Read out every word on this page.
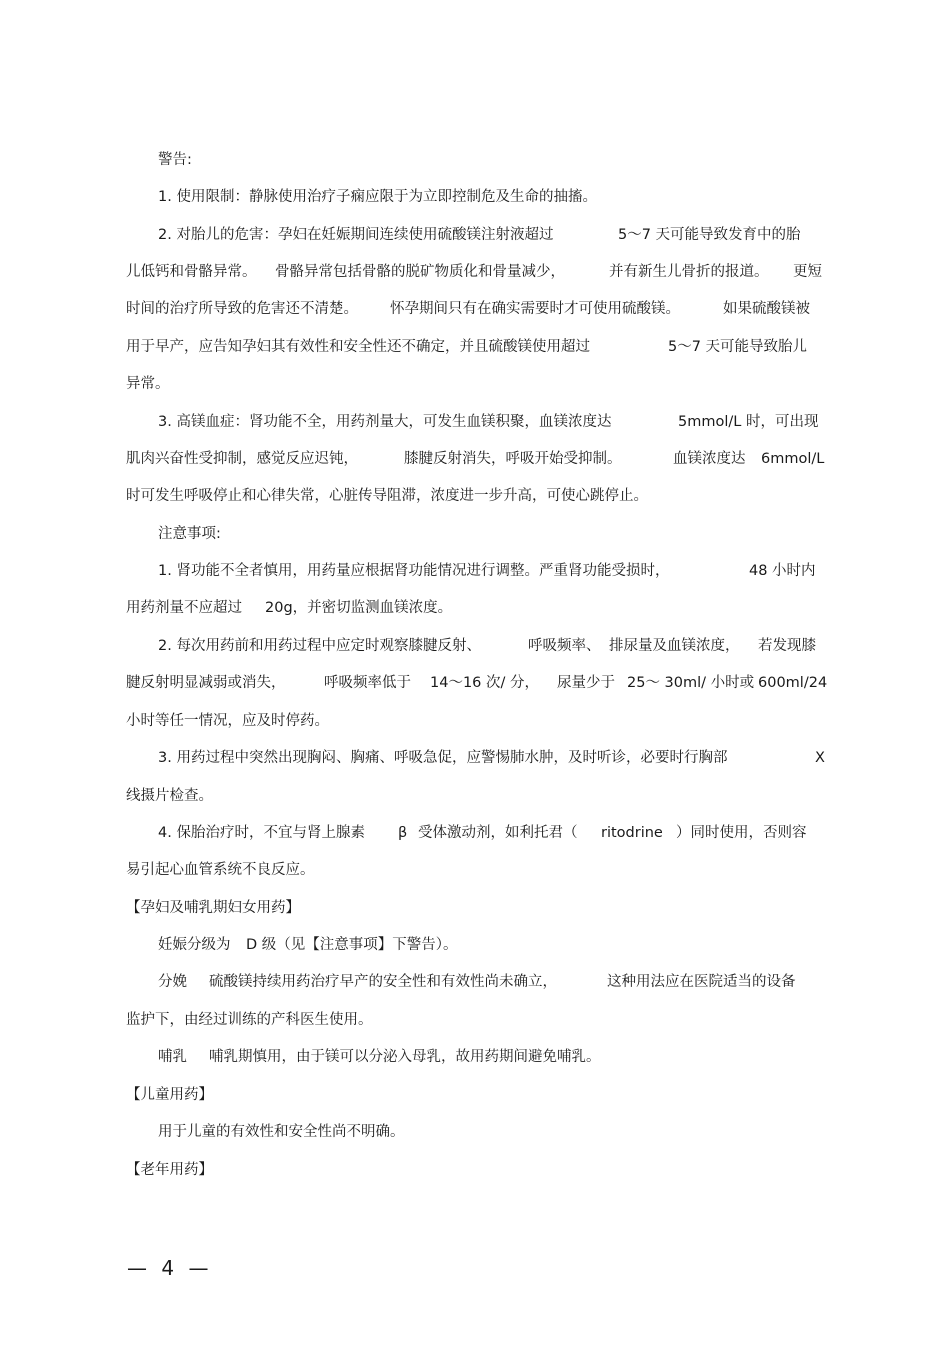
警告:
1. 使用限制：静脉使用治疗子痫应限于为立即控制危及生命的抽搐。
2. 对胎儿的危害：孕妇在妊娠期间连续使用硫酸镁注射液超过	5～7 天可能导致发育中的胎
儿低钙和骨骼异常。 骨骼异常包括骨骼的脱矿物质化和骨量减少，	并有新生儿骨折的报道。 更短
时间的治疗所导致的危害还不清楚。 怀孕期间只有在确实需要时才可使用硫酸镁。	如果硫酸镁被
用于早产，应告知孕妇其有效性和安全性还不确定，并且硫酸镁使用超过	5～7 天可能导致胎儿
异常。
3. 高镁血症：肾功能不全，用药剂量大，可发生血镁积聚，血镁浓度达	5mmol/L 时，可出现
肌肉兴奋性受抑制，感觉反应迟钝，	膝腱反射消失，呼吸开始受抑制。	血镁浓度达 6mmol/L
时可发生呼吸停止和心律失常，心脏传导阻滞，浓度进一步升高，可使心跳停止。
注意事项:
1. 肾功能不全者慎用，用药量应根据肾功能情况进行调整。严重肾功能受损时，	48 小时内
用药剂量不应超过 20g，并密切监测血镁浓度。
2. 每次用药前和用药过程中应定时观察膝腱反射、	呼吸频率、 排尿量及血镁浓度， 若发现膝
腱反射明显减弱或消失，	呼吸频率低于 14～16 次/ 分， 尿量少于 25～ 30ml/ 小时或 600ml/24
小时等任一情况，应及时停药。
3. 用药过程中突然出现胸闷、胸痛、呼吸急促，应警惕肺水肿，及时听诊，必要时行胸部	X
线摄片检查。
4. 保胎治疗时，不宜与肾上腺素 β 受体激动剂，如利托君（ ritodrine ）同时使用，否则容
易引起心血管系统不良反应。
【孕妇及哺乳期妇女用药】
妊娠分级为 D 级（见【注意事项】下警告）。
分娩 硫酸镁持续用药治疗早产的安全性和有效性尚未确立，	这种用法应在医院适当的设备
监护下，由经过训练的产科医生使用。
哺乳 哺乳期慎用，由于镁可以分泌入母乳，故用药期间避免哺乳。
【儿童用药】
用于儿童的有效性和安全性尚不明确。
【老年用药】
— 4 —
